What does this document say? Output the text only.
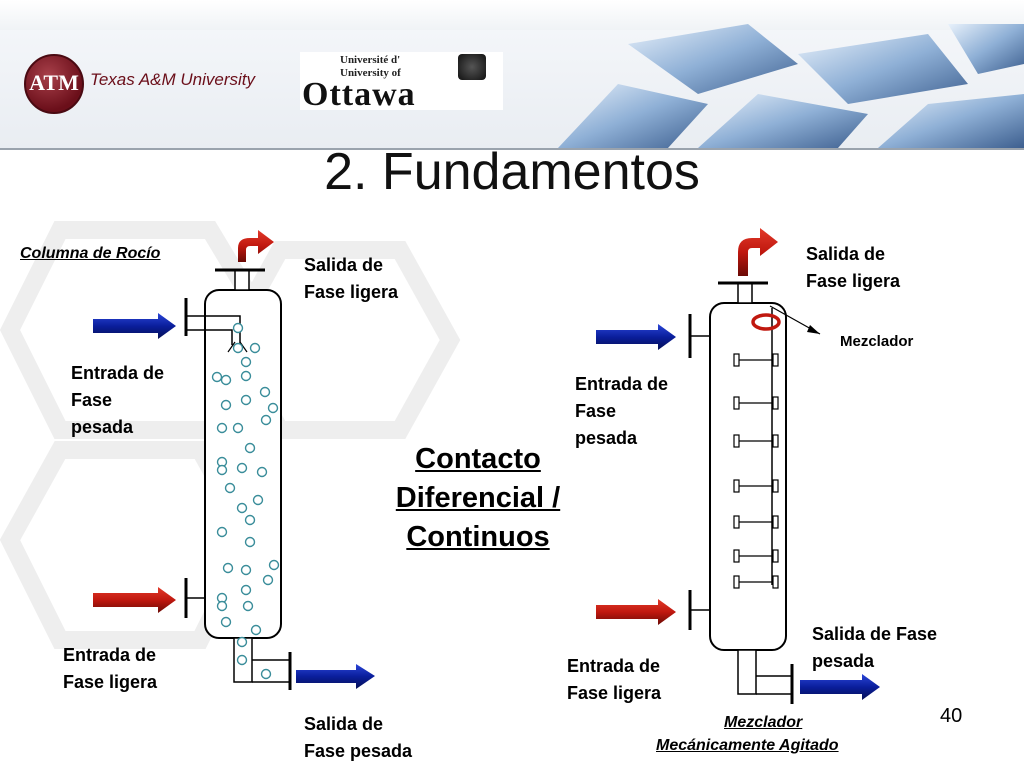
ATM Texas A&M University
Université d'
University of
Ottawa
2. Fundamentos
Columna de Rocío
Salida de
Fase ligera
Entrada de
Fase
pesada
Entrada de
Fase ligera
Salida de
Fase pesada
Contacto
Diferencial /
Continuos
Salida de
Fase ligera
Mezclador
Entrada de
Fase
pesada
Salida de Fase
pesada
Entrada de
Fase ligera
Mezclador
Mecánicamente Agitado
40
